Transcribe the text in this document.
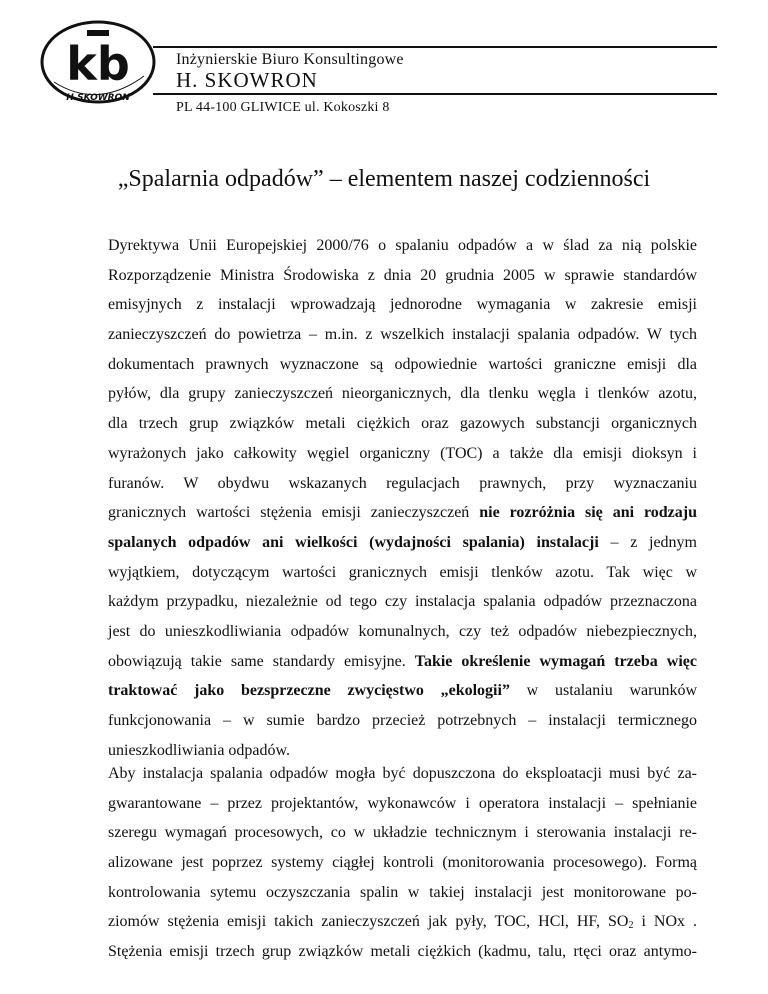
kb
H.SKOWRON
Inżynierskie Biuro Konsultingowe
H. SKOWRON
PL 44-100 GLIWICE ul. Kokoszki 8
„Spalarnia odpadów” – elementem naszej codzienności
Dyrektywa Unii Europejskiej 2000/76 o spalaniu odpadów a w ślad za nią polskie
Rozporządzenie Ministra Środowiska z dnia 20 grudnia 2005 w sprawie standardów
emisyjnych z instalacji wprowadzają jednorodne wymagania w zakresie emisji
zanieczyszczeń do powietrza – m.in. z wszelkich instalacji spalania odpadów. W tych
dokumentach prawnych wyznaczone są odpowiednie wartości graniczne emisji dla
pyłów, dla grupy zanieczyszczeń nieorganicznych, dla tlenku węgla i tlenków azotu,
dla trzech grup związków metali ciężkich oraz gazowych substancji organicznych
wyrażonych jako całkowity węgiel organiczny (TOC) a także dla emisji dioksyn i
furanów. W obydwu wskazanych regulacjach prawnych, przy wyznaczaniu
granicznych wartości stężenia emisji zanieczyszczeń nie rozróżnia się ani rodzaju
spalanych odpadów ani wielkości (wydajności spalania) instalacji – z jednym
wyjątkiem, dotyczącym wartości granicznych emisji tlenków azotu. Tak więc w
każdym przypadku, niezależnie od tego czy instalacja spalania odpadów przeznaczona
jest do unieszkodliwiania odpadów komunalnych, czy też odpadów niebezpiecznych,
obowiązują takie same standardy emisyjne. Takie określenie wymagań trzeba więc
traktować jako bezsprzeczne zwycięstwo „ekologii” w ustalaniu warunków
funkcjonowania – w sumie bardzo przecież potrzebnych – instalacji termicznego
unieszkodliwiania odpadów.
Aby instalacja spalania odpadów mogła być dopuszczona do eksploatacji musi być za-
gwarantowane – przez projektantów, wykonawców i operatora instalacji – spełnianie
szeregu wymagań procesowych, co w układzie technicznym i sterowania instalacji re-
alizowane jest poprzez systemy ciągłej kontroli (monitorowania procesowego). Formą
kontrolowania sytemu oczyszczania spalin w takiej instalacji jest monitorowane po-
ziomów stężenia emisji takich zanieczyszczeń jak pyły, TOC, HCl, HF, $SO_2$ i NOx .
Stężenia emisji trzech grup związków metali ciężkich (kadmu, talu, rtęci oraz antymo-
